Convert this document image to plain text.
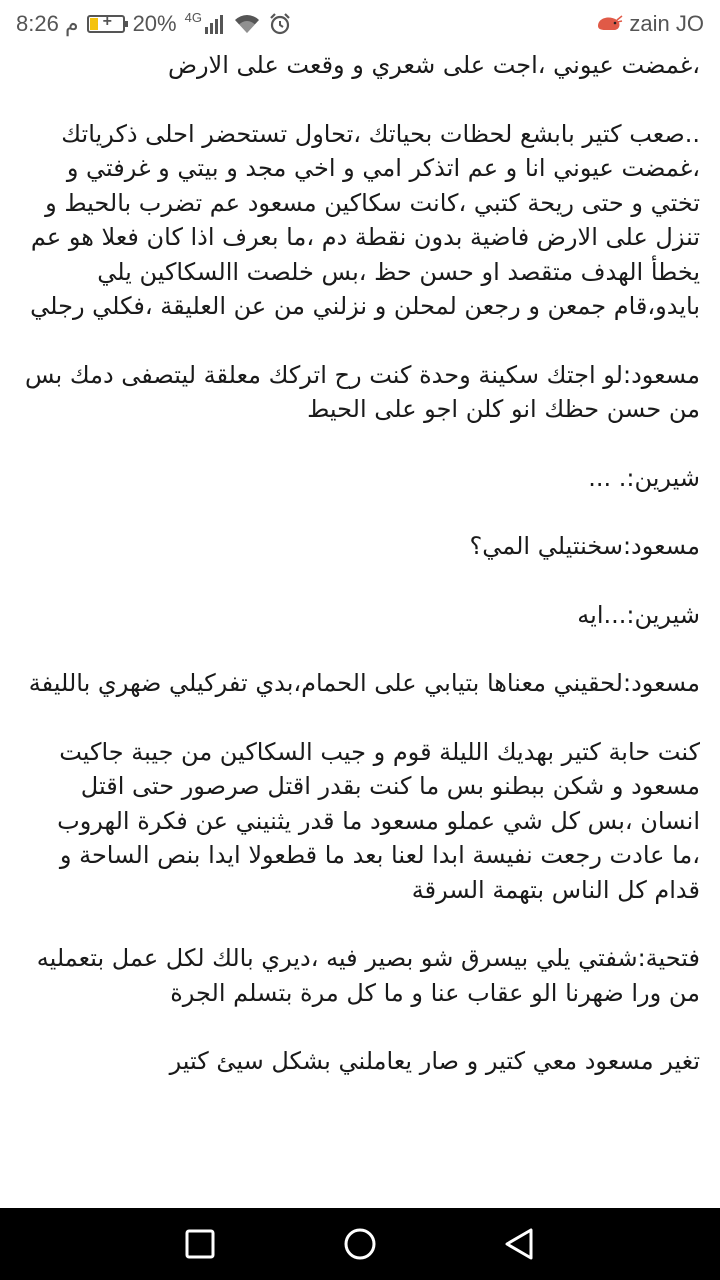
8:26 م + 20% 4G	zain JO

،غمضت عيوني ،اجت على شعري و وقعت على الارض

..صعب كتير بابشع لحظات بحياتك ،تحاول تستحضر احلى ذكرياتك ،غمضت عيوني انا و عم اتذكر امي و اخي مجد و بيتي و غرفتي و تختي و حتى ريحة كتبي ،كانت سكاكين مسعود عم تضرب بالحيط و تنزل على الارض فاضية بدون نقطة دم ،ما بعرف اذا كان فعلا هو عم يخطأ الهدف متقصد او حسن حظ ،بس خلصت االسكاكين يلي بايدو،قام جمعن و رجعن لمحلن و نزلني من عن العليقة ،فكلي رجلي

مسعود:لو اجتك سكينة وحدة كنت رح اتركك معلقة ليتصفى دمك بس من حسن حظك انو كلن اجو على الحيط

شيرين:. ...

مسعود:سخنتيلي المي؟

شيرين:...ايه

مسعود:لحقيني معناها بتيابي على الحمام،بدي تفركيلي ضهري بالليفة

كنت حابة كتير بهديك الليلة قوم و جيب السكاكين من جيبة جاكيت مسعود و شكن ببطنو بس ما كنت بقدر اقتل صرصور حتى اقتل انسان ،بس كل شي عملو مسعود ما قدر يثنيني عن فكرة الهروب ،ما عادت رجعت نفيسة ابدا لعنا بعد ما قطعولا ايدا بنص الساحة و قدام كل الناس بتهمة السرقة

فتحية:شفتي يلي بيسرق شو بصير فيه ،ديري بالك لكل عمل بتعمليه من ورا ضهرنا الو عقاب عنا و ما كل مرة بتسلم الجرة

تغير مسعود معي كتير و صار يعاملني بشكل سيئ كتير
